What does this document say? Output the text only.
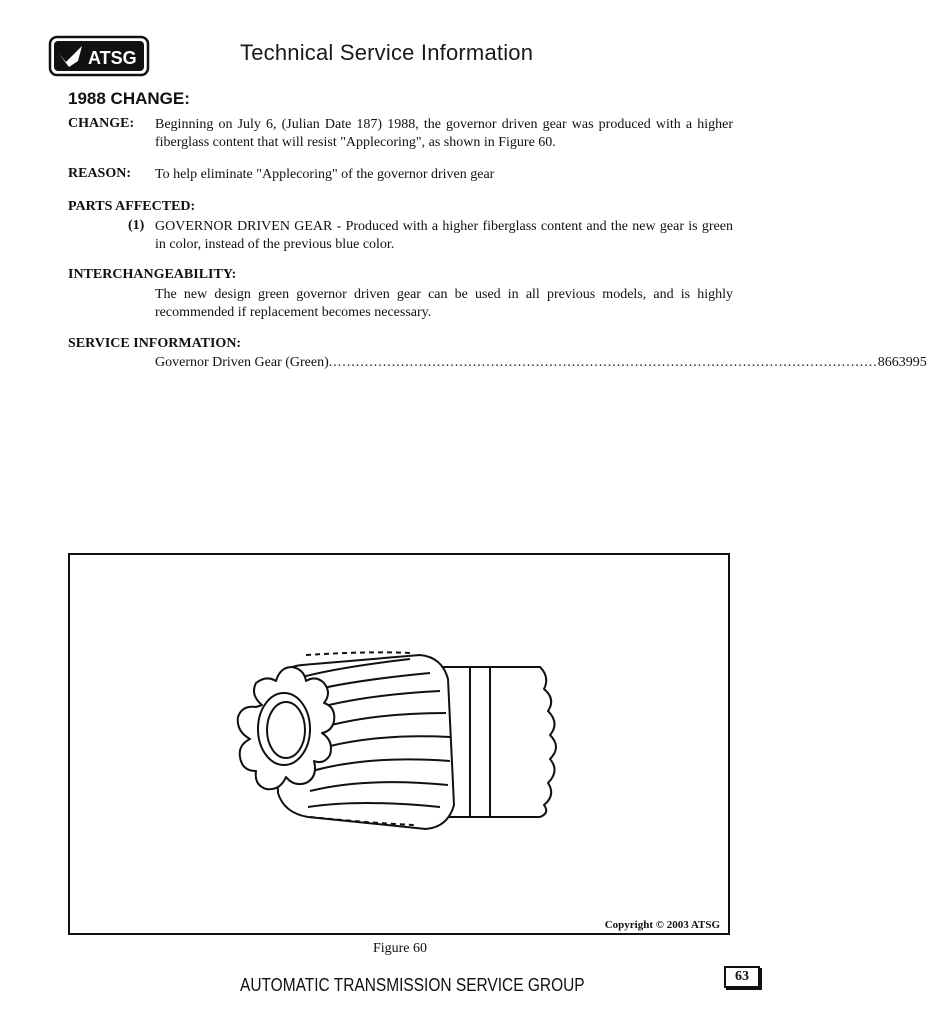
ATSG	Technical Service Information
1988 CHANGE:
CHANGE: Beginning on July 6, (Julian Date 187) 1988, the governor driven gear was produced with a higher fiberglass content that will resist "Applecoring", as shown in Figure 60.
REASON: To help eliminate "Applecoring" of the governor driven gear
PARTS AFFECTED:
(1) GOVERNOR DRIVEN GEAR - Produced with a higher fiberglass content and the new gear is green in color, instead of the previous blue color.
INTERCHANGEABILITY:
The new design green governor driven gear can be used in all previous models, and is highly recommended if replacement becomes necessary.
SERVICE INFORMATION:
Governor Driven Gear (Green) .......................................................................................................................... 8663995
Copyright © 2003 ATSG
Figure 60
AUTOMATIC TRANSMISSION SERVICE GROUP	63
